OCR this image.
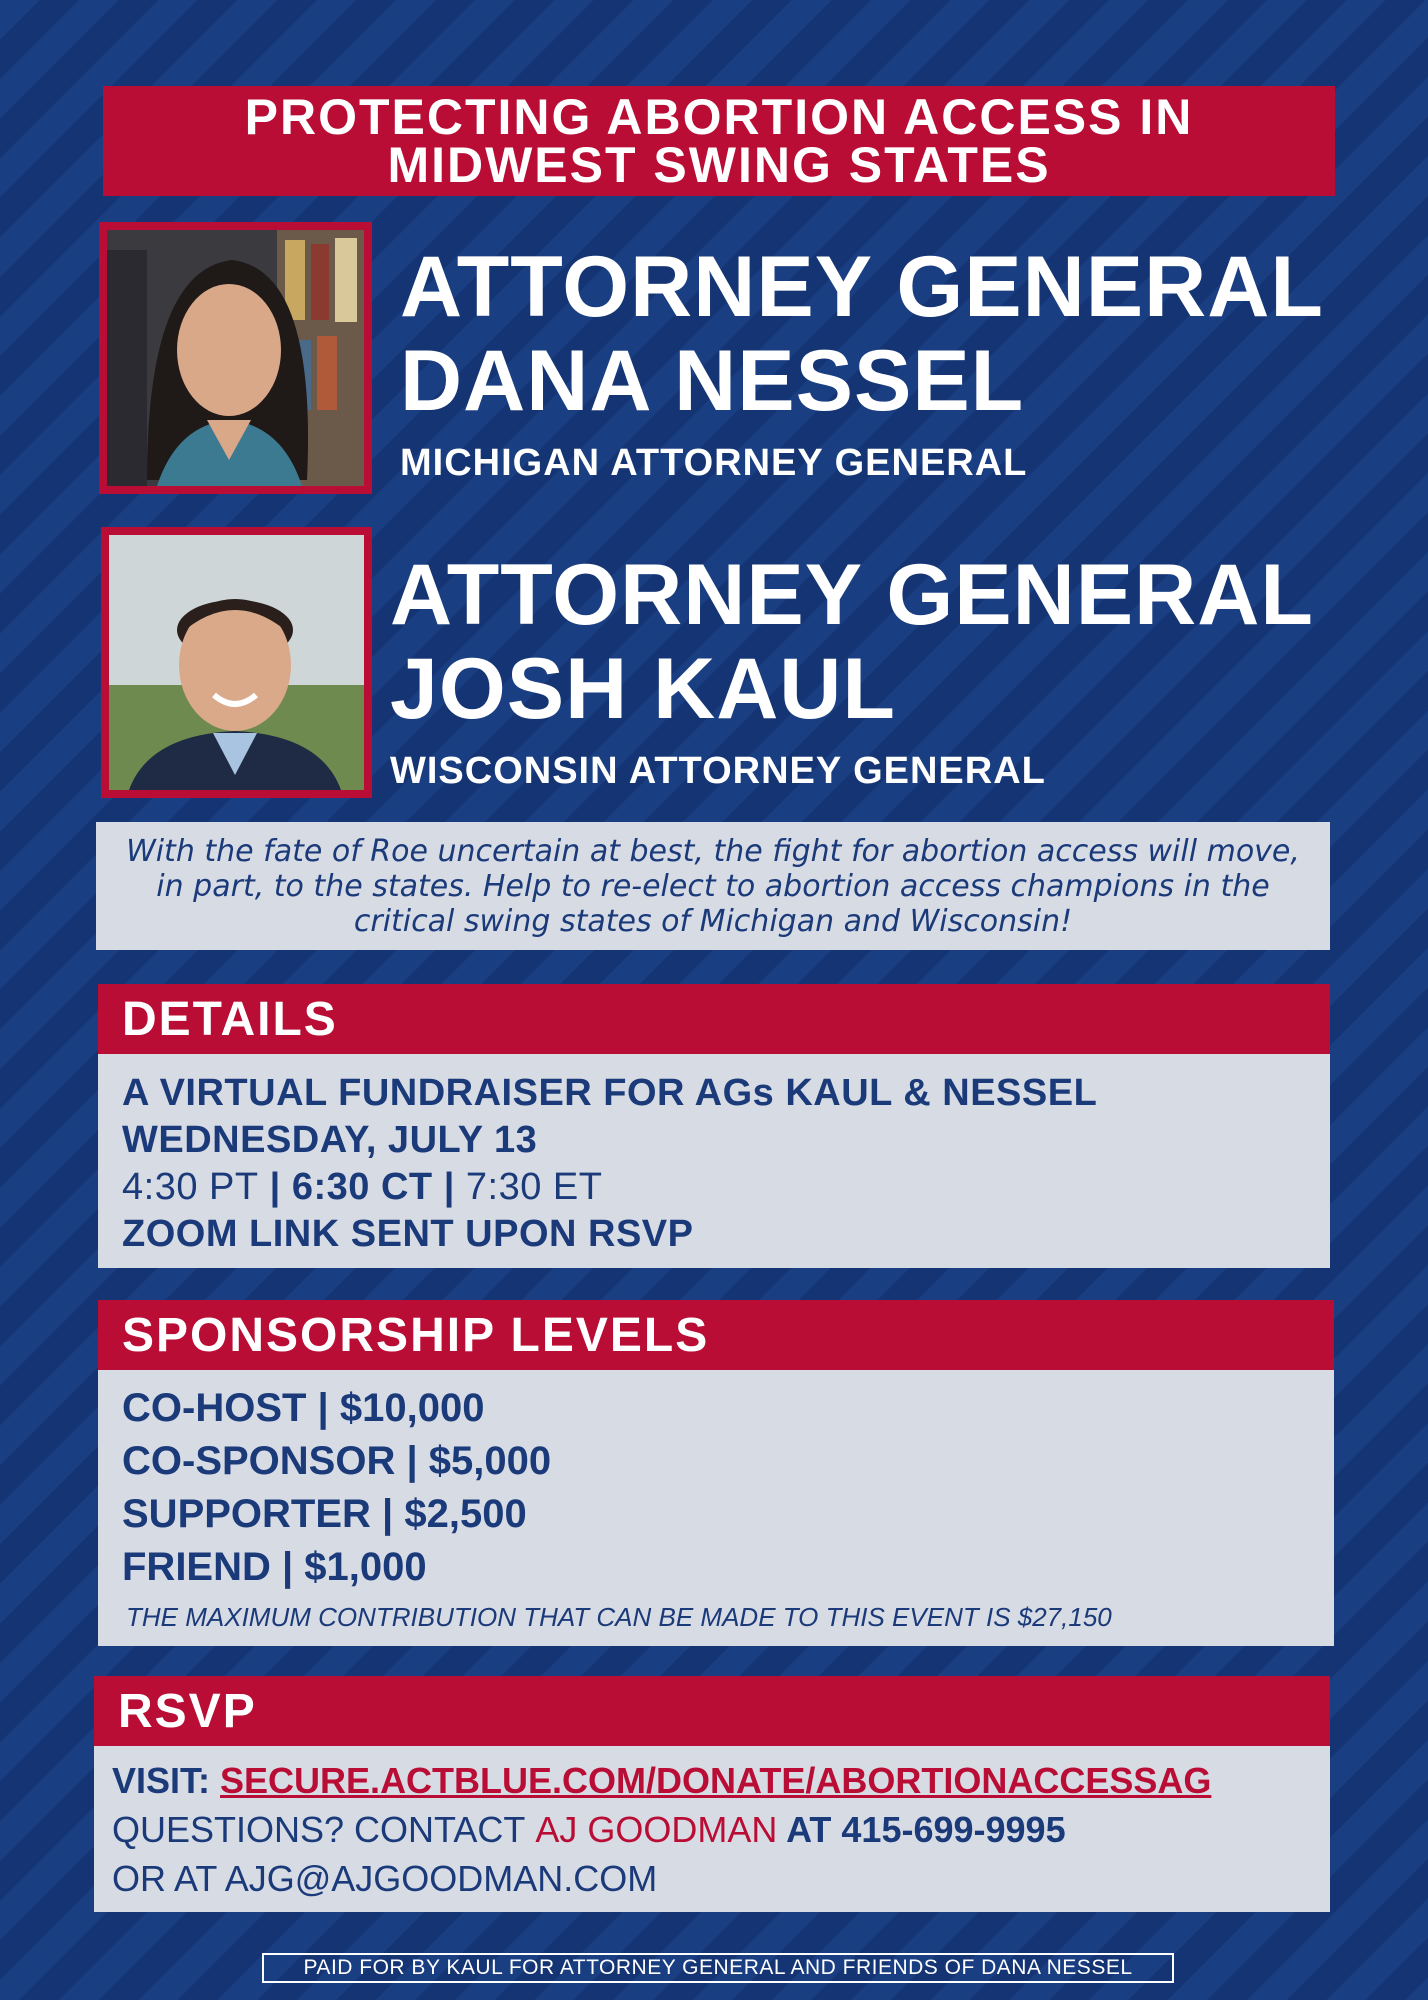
PROTECTING ABORTION ACCESS IN
MIDWEST SWING STATES
ATTORNEY GENERAL
DANA NESSEL
MICHIGAN ATTORNEY GENERAL
ATTORNEY GENERAL
JOSH KAUL
WISCONSIN ATTORNEY GENERAL
With the fate of Roe uncertain at best, the fight for abortion access will move, in part, to the states. Help to re-elect to abortion access champions in the critical swing states of Michigan and Wisconsin!
DETAILS
A VIRTUAL FUNDRAISER FOR AGs KAUL & NESSEL
WEDNESDAY, JULY 13
4:30 PT | 6:30 CT | 7:30 ET
ZOOM LINK SENT UPON RSVP
SPONSORSHIP LEVELS
CO-HOST | $10,000
CO-SPONSOR | $5,000
SUPPORTER | $2,500
FRIEND | $1,000
THE MAXIMUM CONTRIBUTION THAT CAN BE MADE TO THIS EVENT IS $27,150
RSVP
VISIT: SECURE.ACTBLUE.COM/DONATE/ABORTIONACCESSAG
QUESTIONS? CONTACT AJ GOODMAN AT 415-699-9995
OR AT AJG@AJGOODMAN.COM
PAID FOR BY KAUL FOR ATTORNEY GENERAL AND FRIENDS OF DANA NESSEL
